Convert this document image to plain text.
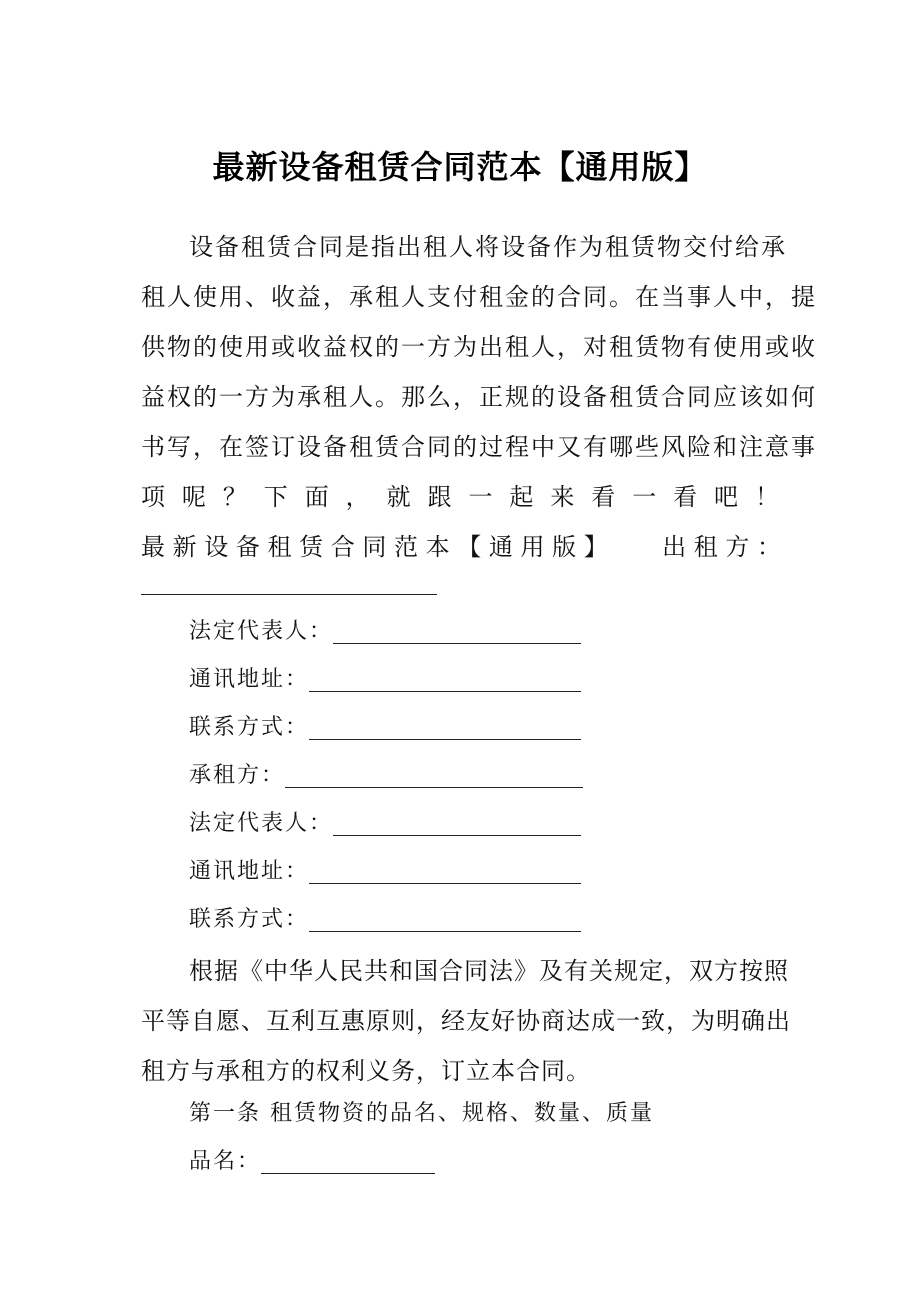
最新设备租赁合同范本【通用版】
设备租赁合同是指出租人将设备作为租赁物交付给承
租人使用、收益，承租人支付租金的合同。在当事人中，提
供物的使用或收益权的一方为出租人，对租赁物有使用或收
益权的一方为承租人。那么，正规的设备租赁合同应该如何
书写，在签订设备租赁合同的过程中又有哪些风险和注意事
项 呢 ？ 下 面 ， 就 跟 一 起 来 看 一 看 吧 ！
最 新 设 备 租 赁 合 同 范 本 【 通 用 版 】 出 租 方 ：
法定代表人：
通讯地址：
联系方式：
承租方：
法定代表人：
通讯地址：
联系方式：
根据《中华人民共和国合同法》及有关规定，双方按照
平等自愿、互利互惠原则，经友好协商达成一致，为明确出
租方与承租方的权利义务，订立本合同。
第一条 租赁物资的品名、规格、数量、质量
品名：
